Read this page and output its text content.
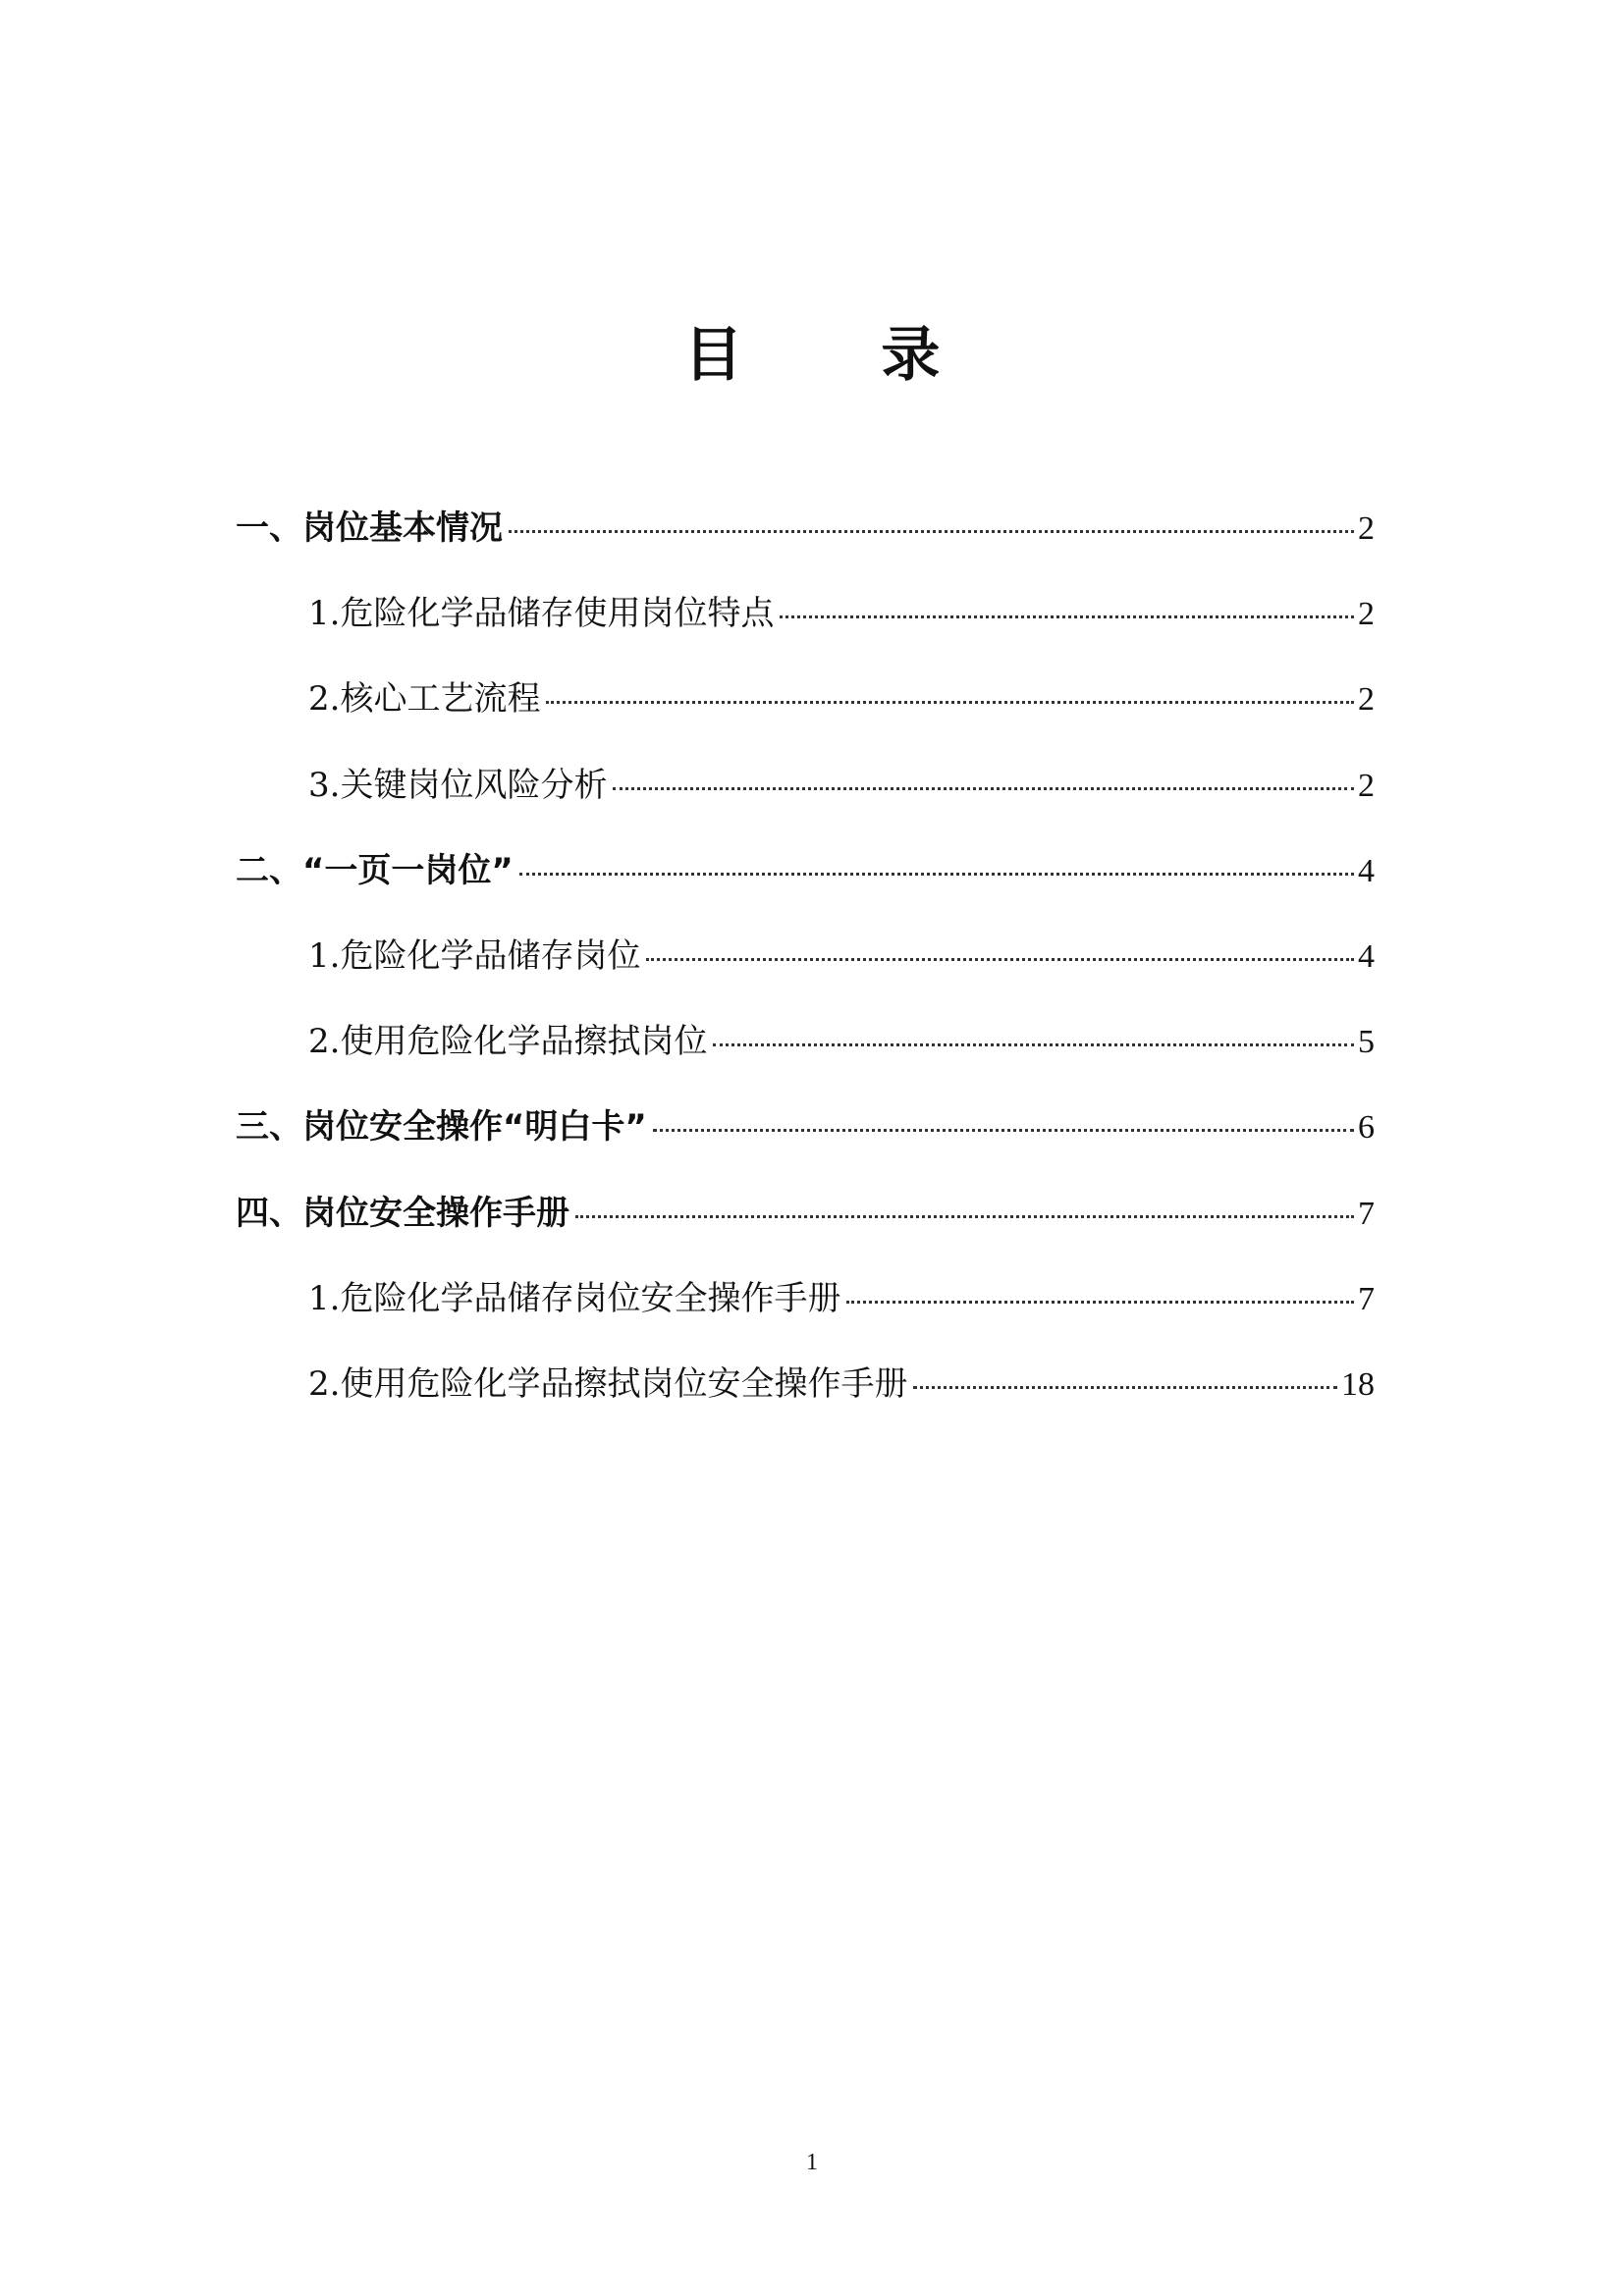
目 录
一、岗位基本情况	2
1.危险化学品储存使用岗位特点	2
2.核心工艺流程	2
3.关键岗位风险分析	2
二、“一页一岗位”	4
1.危险化学品储存岗位	4
2.使用危险化学品擦拭岗位	5
三、岗位安全操作“明白卡”	6
四、岗位安全操作手册	7
1.危险化学品储存岗位安全操作手册	7
2.使用危险化学品擦拭岗位安全操作手册	18
1
